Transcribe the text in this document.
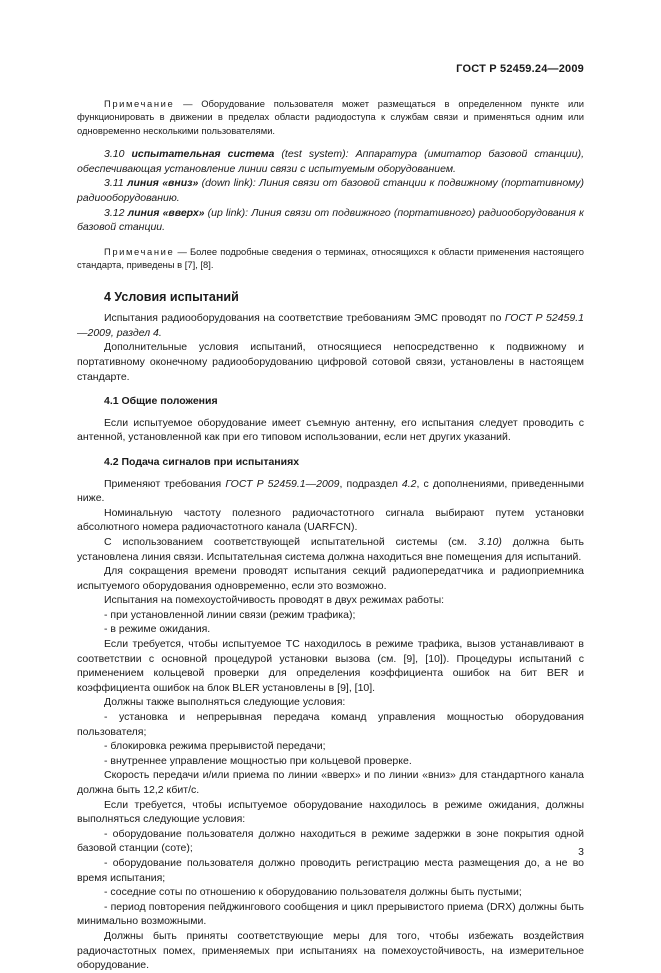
ГОСТ Р 52459.24—2009

Примечание — Оборудование пользователя может размещаться в определенном пункте или функционировать в движении в пределах области радиодоступа к службам связи и применяться одним или одновременно несколькими пользователями.

3.10 испытательная система (test system): Аппаратура (имитатор базовой станции), обеспечивающая установление линии связи с испытуемым оборудованием.

3.11 линия «вниз» (down link): Линия связи от базовой станции к подвижному (портативному) радиооборудованию.

3.12 линия «вверх» (up link): Линия связи от подвижного (портативного) радиооборудования к базовой станции.

Примечание — Более подробные сведения о терминах, относящихся к области применения настоящего стандарта, приведены в [7], [8].

4 Условия испытаний

Испытания радиооборудования на соответствие требованиям ЭМС проводят по ГОСТ Р 52459.1—2009, раздел 4.

Дополнительные условия испытаний, относящиеся непосредственно к подвижному и портативному оконечному радиооборудованию цифровой сотовой связи, установлены в настоящем стандарте.

4.1 Общие положения

Если испытуемое оборудование имеет съемную антенну, его испытания следует проводить с антенной, установленной как при его типовом использовании, если нет других указаний.

4.2 Подача сигналов при испытаниях

Применяют требования ГОСТ Р 52459.1—2009, подраздел 4.2, с дополнениями, приведенными ниже.

Номинальную частоту полезного радиочастотного сигнала выбирают путем установки абсолютного номера радиочастотного канала (UARFCN).

С использованием соответствующей испытательной системы (см. 3.10) должна быть установлена линия связи. Испытательная система должна находиться вне помещения для испытаний.

Для сокращения времени проводят испытания секций радиопередатчика и радиоприемника испытуемого оборудования одновременно, если это возможно.

Испытания на помехоустойчивость проводят в двух режимах работы:

- при установленной линии связи (режим трафика);

- в режиме ожидания.

Если требуется, чтобы испытуемое ТС находилось в режиме трафика, вызов устанавливают в соответствии с основной процедурой установки вызова (см. [9], [10]). Процедуры испытаний с применением кольцевой проверки для определения коэффициента ошибок на бит BER и коэффициента ошибок на блок BLER установлены в [9], [10].

Должны также выполняться следующие условия:

- установка и непрерывная передача команд управления мощностью оборудования пользователя;

- блокировка режима прерывистой передачи;

- внутреннее управление мощностью при кольцевой проверке.

Скорость передачи и/или приема по линии «вверх» и по линии «вниз» для стандартного канала должна быть 12,2 кбит/с.

Если требуется, чтобы испытуемое оборудование находилось в режиме ожидания, должны выполняться следующие условия:

- оборудование пользователя должно находиться в режиме задержки в зоне покрытия одной базовой станции (соте);

- оборудование пользователя должно проводить регистрацию места размещения до, а не во время испытания;

- соседние соты по отношению к оборудованию пользователя должны быть пустыми;

- период повторения пейджингового сообщения и цикл прерывистого приема (DRX) должны быть минимально возможными.

Должны быть приняты соответствующие меры для того, чтобы избежать воздействия радиочастотных помех, применяемых при испытаниях на помехоустойчивость, на измерительное оборудование.

3
